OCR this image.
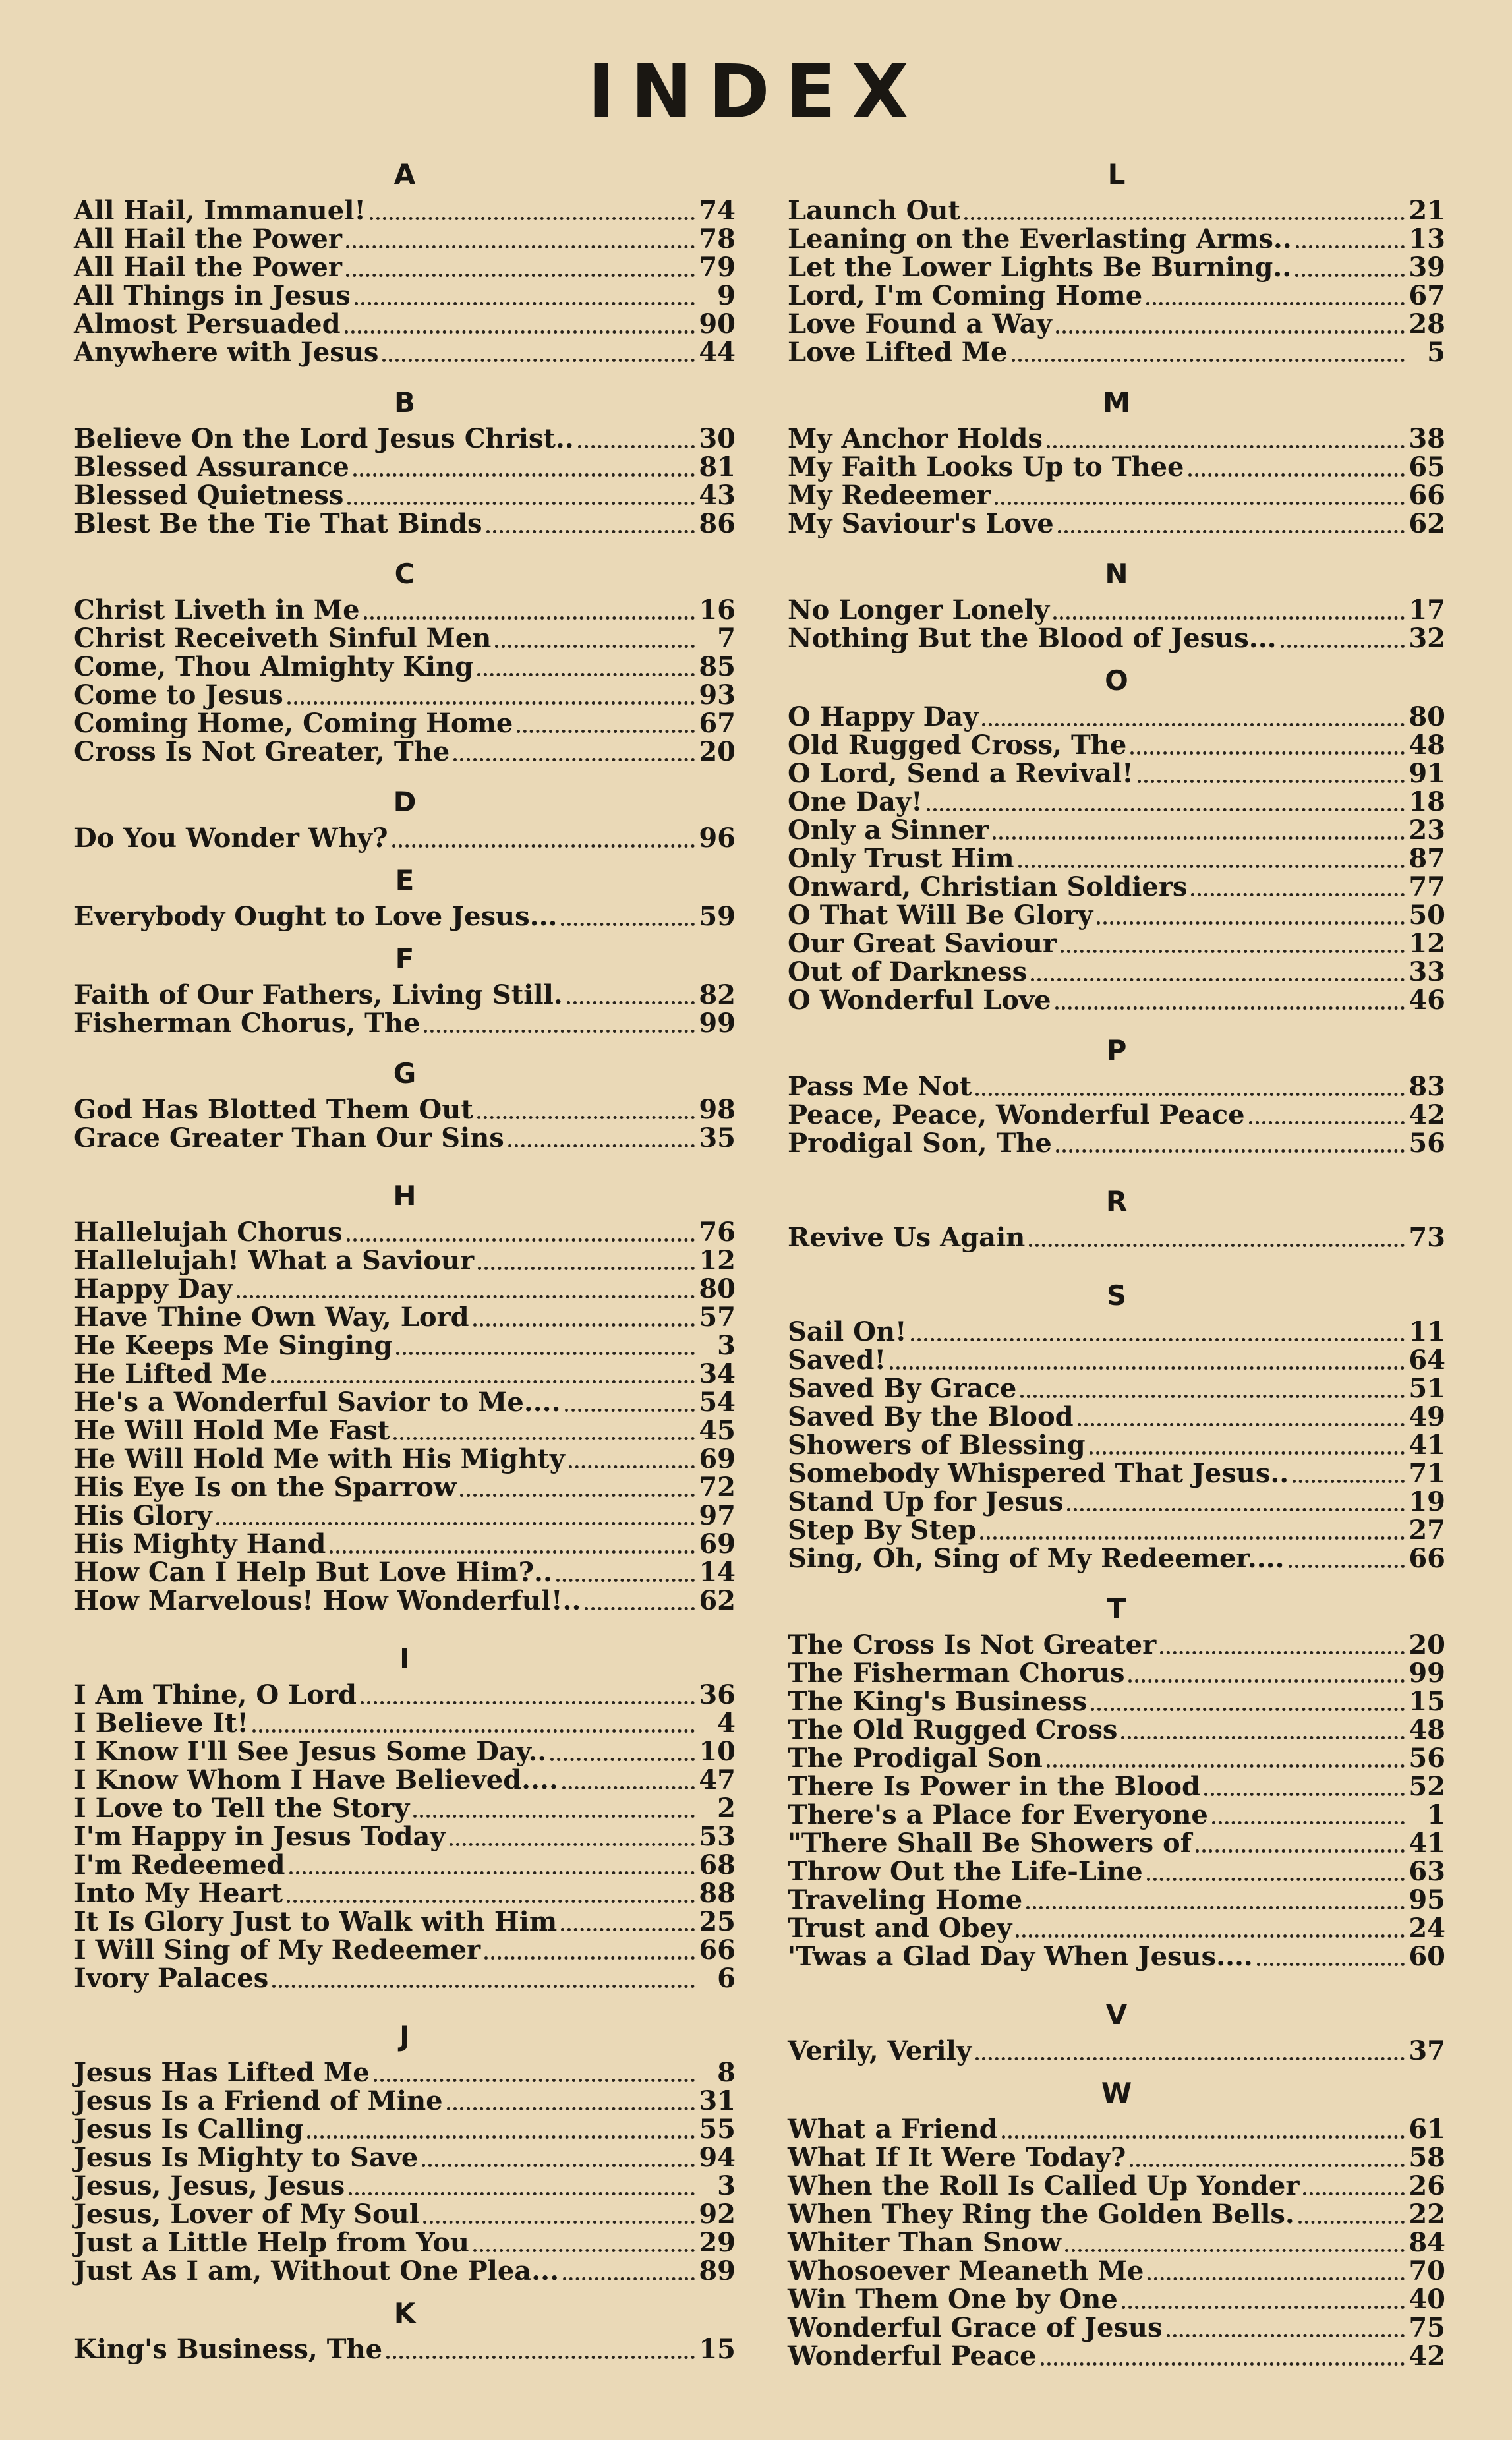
INDEX
A
All Hail, Immanuel!	74
All Hail the Power	78
All Hail the Power	79
All Things in Jesus	9
Almost Persuaded	90
Anywhere with Jesus	44
B
Believe On the Lord Jesus Christ..	30
Blessed Assurance	81
Blessed Quietness	43
Blest Be the Tie That Binds	86
C
Christ Liveth in Me	16
Christ Receiveth Sinful Men	7
Come, Thou Almighty King	85
Come to Jesus	93
Coming Home, Coming Home	67
Cross Is Not Greater, The	20
D
Do You Wonder Why?	96
E
Everybody Ought to Love Jesus...	59
F
Faith of Our Fathers, Living Still.	82
Fisherman Chorus, The	99
G
God Has Blotted Them Out	98
Grace Greater Than Our Sins	35
H
Hallelujah Chorus	76
Hallelujah! What a Saviour	12
Happy Day	80
Have Thine Own Way, Lord	57
He Keeps Me Singing	3
He Lifted Me	34
He's a Wonderful Savior to Me....	54
He Will Hold Me Fast	45
He Will Hold Me with His Mighty	69
His Eye Is on the Sparrow	72
His Glory	97
His Mighty Hand	69
How Can I Help But Love Him?..	14
How Marvelous! How Wonderful!..	62
I
I Am Thine, O Lord	36
I Believe It!	4
I Know I'll See Jesus Some Day..	10
I Know Whom I Have Believed....	47
I Love to Tell the Story	2
I'm Happy in Jesus Today	53
I'm Redeemed	68
Into My Heart	88
It Is Glory Just to Walk with Him	25
I Will Sing of My Redeemer	66
Ivory Palaces	6
J
Jesus Has Lifted Me	8
Jesus Is a Friend of Mine	31
Jesus Is Calling	55
Jesus Is Mighty to Save	94
Jesus, Jesus, Jesus	3
Jesus, Lover of My Soul	92
Just a Little Help from You	29
Just As I am, Without One Plea...	89
K
King's Business, The	15
L
Launch Out	21
Leaning on the Everlasting Arms..	13
Let the Lower Lights Be Burning..	39
Lord, I'm Coming Home	67
Love Found a Way	28
Love Lifted Me	5
M
My Anchor Holds	38
My Faith Looks Up to Thee	65
My Redeemer	66
My Saviour's Love	62
N
No Longer Lonely	17
Nothing But the Blood of Jesus...	32
O
O Happy Day	80
Old Rugged Cross, The	48
O Lord, Send a Revival!	91
One Day!	18
Only a Sinner	23
Only Trust Him	87
Onward, Christian Soldiers	77
O That Will Be Glory	50
Our Great Saviour	12
Out of Darkness	33
O Wonderful Love	46
P
Pass Me Not	83
Peace, Peace, Wonderful Peace	42
Prodigal Son, The	56
R
Revive Us Again	73
S
Sail On!	11
Saved!	64
Saved By Grace	51
Saved By the Blood	49
Showers of Blessing	41
Somebody Whispered That Jesus..	71
Stand Up for Jesus	19
Step By Step	27
Sing, Oh, Sing of My Redeemer....	66
T
The Cross Is Not Greater	20
The Fisherman Chorus	99
The King's Business	15
The Old Rugged Cross	48
The Prodigal Son	56
There Is Power in the Blood	52
There's a Place for Everyone	1
"There Shall Be Showers of	41
Throw Out the Life-Line	63
Traveling Home	95
Trust and Obey	24
'Twas a Glad Day When Jesus....	60
V
Verily, Verily	37
W
What a Friend	61
What If It Were Today?	58
When the Roll Is Called Up Yonder	26
When They Ring the Golden Bells.	22
Whiter Than Snow	84
Whosoever Meaneth Me	70
Win Them One by One	40
Wonderful Grace of Jesus	75
Wonderful Peace	42
